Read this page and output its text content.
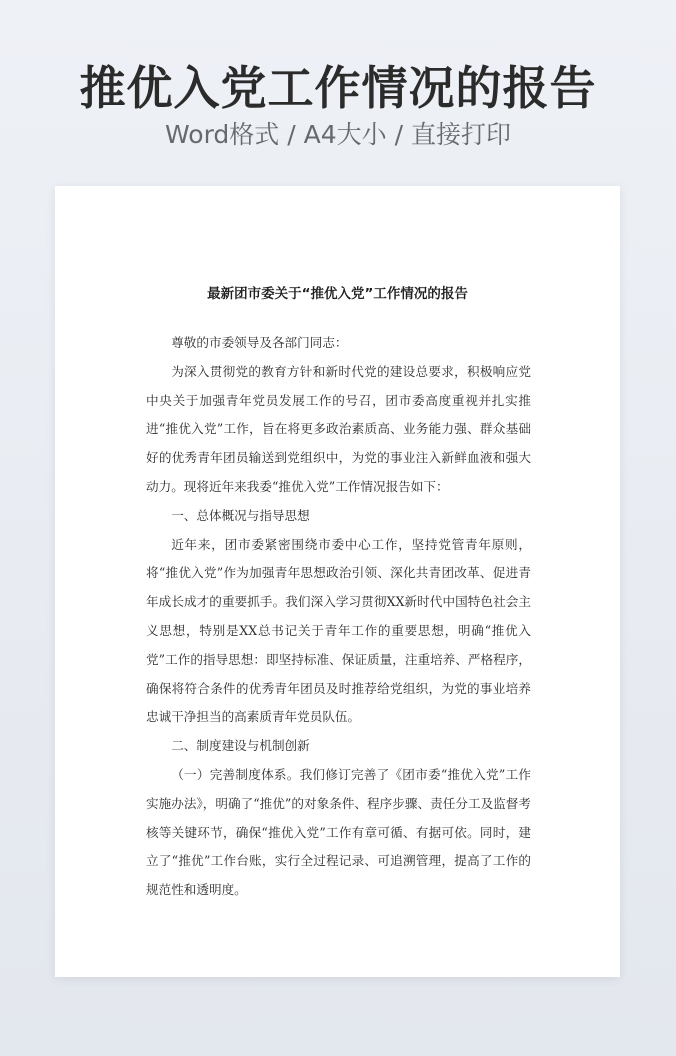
推优入党工作情况的报告
Word格式 / A4大小 / 直接打印
最新团市委关于“推优入党”工作情况的报告

尊敬的市委领导及各部门同志：

为深入贯彻党的教育方针和新时代党的建设总要求，积极响应党中央关于加强青年党员发展工作的号召，团市委高度重视并扎实推进“推优入党”工作，旨在将更多政治素质高、业务能力强、群众基础好的优秀青年团员输送到党组织中，为党的事业注入新鲜血液和强大动力。现将近年来我委“推优入党”工作情况报告如下：

一、总体概况与指导思想

近年来，团市委紧密围绕市委中心工作，坚持党管青年原则，将“推优入党”作为加强青年思想政治引领、深化共青团改革、促进青年成长成才的重要抓手。我们深入学习贯彻XX新时代中国特色社会主义思想，特别是XX总书记关于青年工作的重要思想，明确“推优入党”工作的指导思想：即坚持标准、保证质量，注重培养、严格程序，确保将符合条件的优秀青年团员及时推荐给党组织，为党的事业培养忠诚干净担当的高素质青年党员队伍。

二、制度建设与机制创新

（一）完善制度体系。我们修订完善了《团市委“推优入党”工作实施办法》，明确了“推优”的对象条件、程序步骤、责任分工及监督考核等关键环节，确保“推优入党”工作有章可循、有据可依。同时，建立了“推优”工作台账，实行全过程记录、可追溯管理，提高了工作的规范性和透明度。
